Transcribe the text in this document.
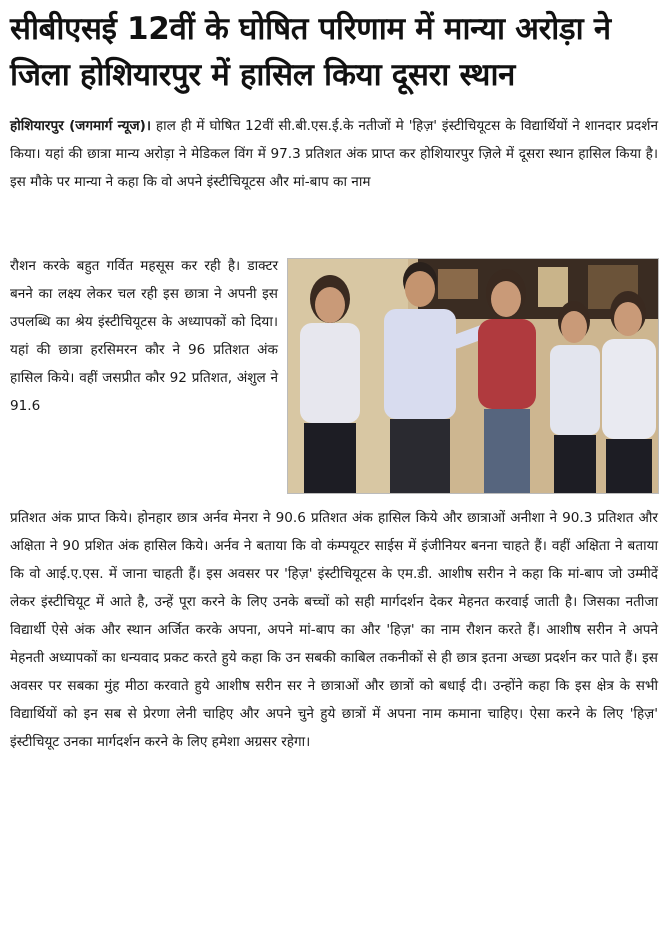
सीबीएसई 12वीं के घोषित परिणाम में मान्या अरोड़ा ने जिला होशियारपुर में हासिल किया दूसरा स्थान
होशियारपुर (जगमार्ग न्यूज)। हाल ही में घोषित 12वीं सी.बी.एस.ई.के नतीजों मे 'हिज़' इंस्टीचियूटस के विद्यार्थियों ने शानदार प्रदर्शन किया। यहां की छात्रा मान्य अरोड़ा ने मेडिकल विंग में 97.3 प्रतिशत अंक प्राप्त कर होशियारपुर ज़िले में दूसरा स्थान हासिल किया है। इस मौके पर मान्या ने कहा कि वो अपने इंस्टीचियूटस और मां-बाप का नाम
रौशन करके बहुत गर्वित महसूस कर रही है। डाक्टर बनने का लक्ष्य लेकर चल रही इस छात्रा ने अपनी इस उपलब्धि का श्रेय इंस्टीचियूटस के अध्यापकों को दिया। यहां की छात्रा हरसिमरन कौर ने 96 प्रतिशत अंक हासिल किये। वहीं जसप्रीत कौर 92 प्रतिशत, अंशुल ने 91.6
प्रतिशत अंक प्राप्त किये। होनहार छात्र अर्नव मेनरा ने 90.6 प्रतिशत अंक हासिल किये और छात्राओं अनीशा ने 90.3 प्रतिशत और अक्षिता ने 90 प्रशित अंक हासिल किये। अर्नव ने बताया कि वो कंम्पयूटर साईस में इंजीनियर बनना चाहते हैं। वहीं अक्षिता ने बताया कि वो आई.ए.एस. में जाना चाहती हैं। इस अवसर पर 'हिज़' इंस्टीचियूटस के एम.डी. आशीष सरीन ने कहा कि मां-बाप जो उम्मीदें लेकर इंस्टीचियूट में आते है, उन्हें पूरा करने के लिए उनके बच्चों को सही मार्गदर्शन देकर मेहनत करवाई जाती है। जिसका नतीजा विद्यार्थी ऐसे अंक और स्थान अर्जित करके अपना, अपने मां-बाप का और 'हिज़' का नाम रौशन करते हैं। आशीष सरीन ने अपने मेहनती अध्यापकों का धन्यवाद प्रकट करते हुये कहा कि उन सबकी काबिल तकनीकों से ही छात्र इतना अच्छा प्रदर्शन कर पाते हैं। इस अवसर पर सबका मुंह मीठा करवाते हुये आशीष सरीन सर ने छात्राओं और छात्रों को बधाई दी। उन्होंने कहा कि इस क्षेत्र के सभी विद्यार्थियों को इन सब से प्रेरणा लेनी चाहिए और अपने चुने हुये छात्रों में अपना नाम कमाना चाहिए। ऐसा करने के लिए 'हिज़' इंस्टीचियूट उनका मार्गदर्शन करने के लिए हमेशा अग्रसर रहेगा।
